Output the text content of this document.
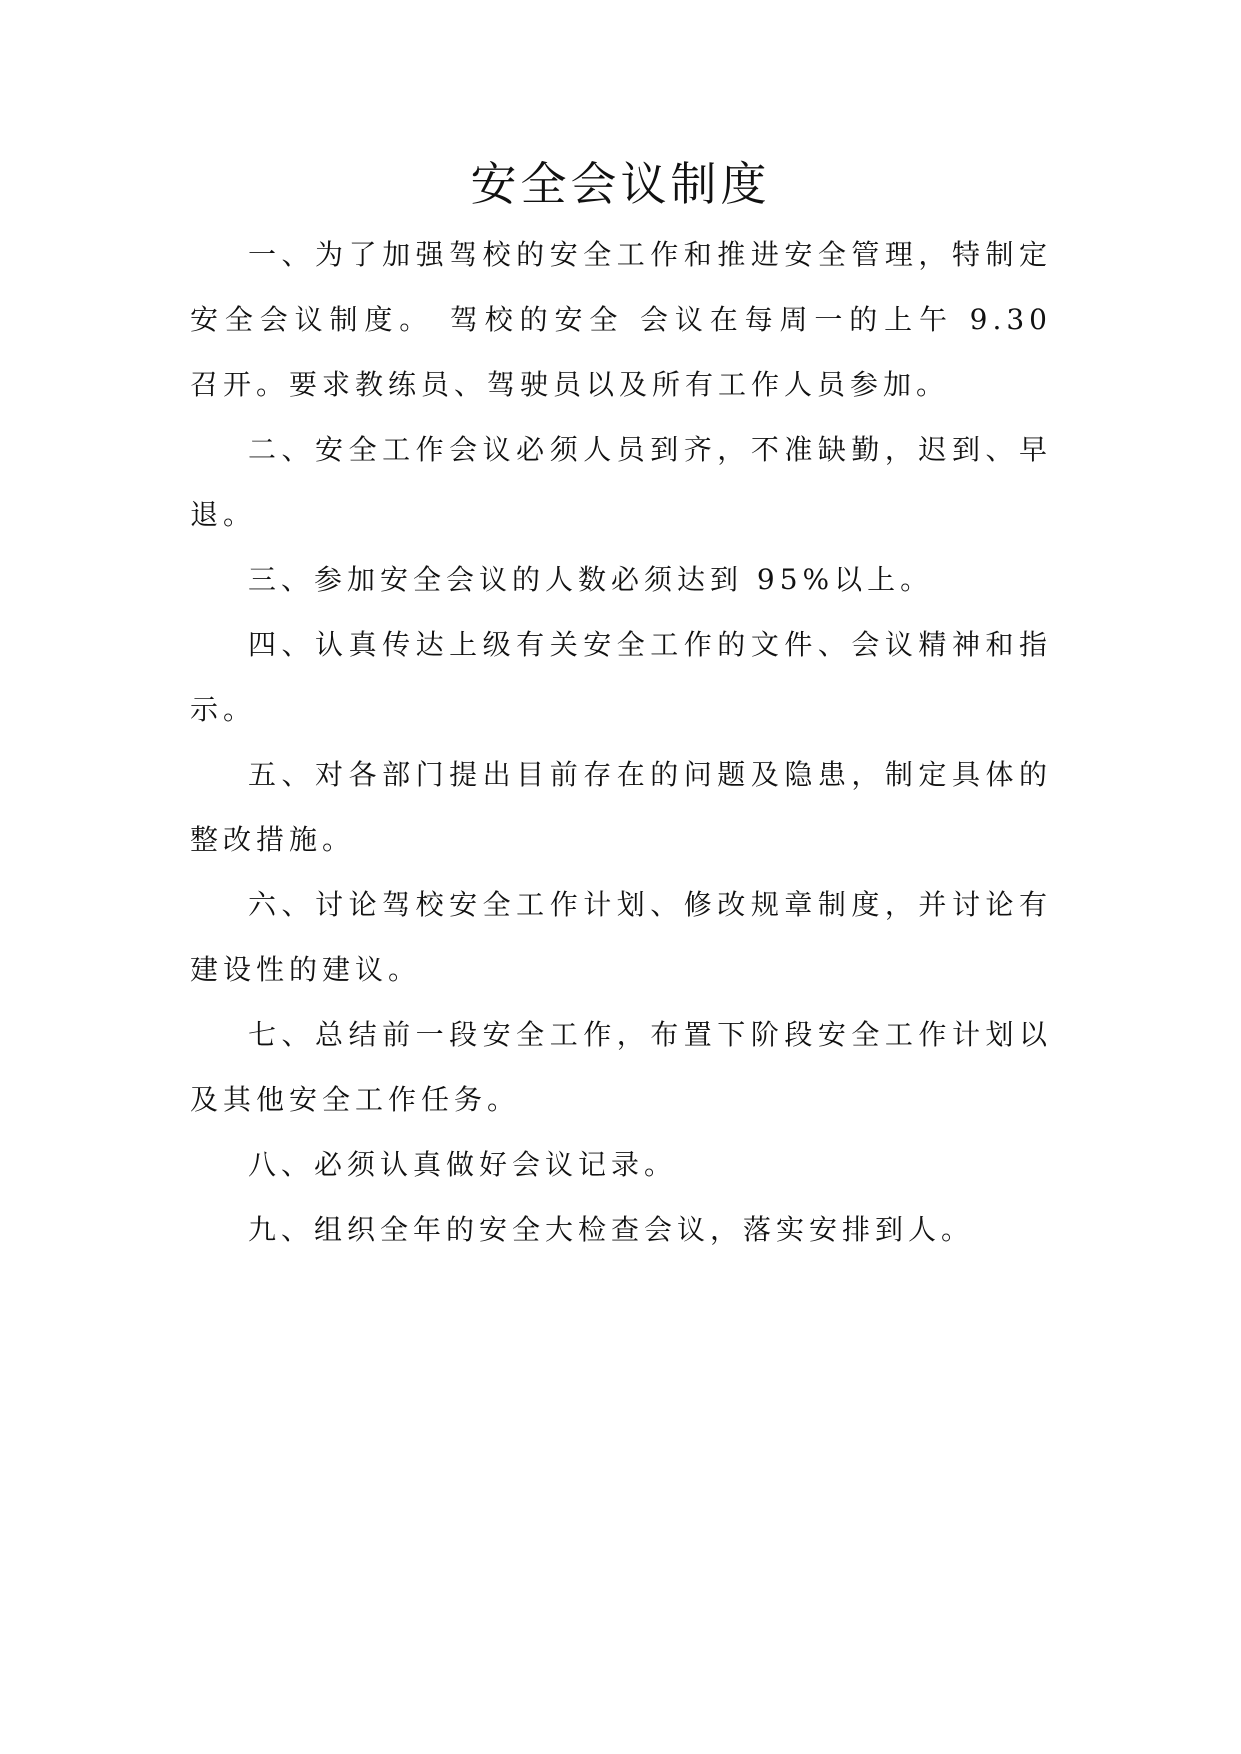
安全会议制度

一、为了加强驾校的安全工作和推进安全管理，特制定安全会议制度。 驾校的安全 会议在每周一的上午 9.30 召开。要求教练员、驾驶员以及所有工作人员参加。

二、安全工作会议必须人员到齐，不准缺勤，迟到、早退。

三、参加安全会议的人数必须达到 95%以上。

四、认真传达上级有关安全工作的文件、会议精神和指示。

五、对各部门提出目前存在的问题及隐患，制定具体的整改措施。

六、讨论驾校安全工作计划、修改规章制度，并讨论有建设性的建议。

七、总结前一段安全工作，布置下阶段安全工作计划以及其他安全工作任务。

八、必须认真做好会议记录。

九、组织全年的安全大检查会议，落实安排到人。
